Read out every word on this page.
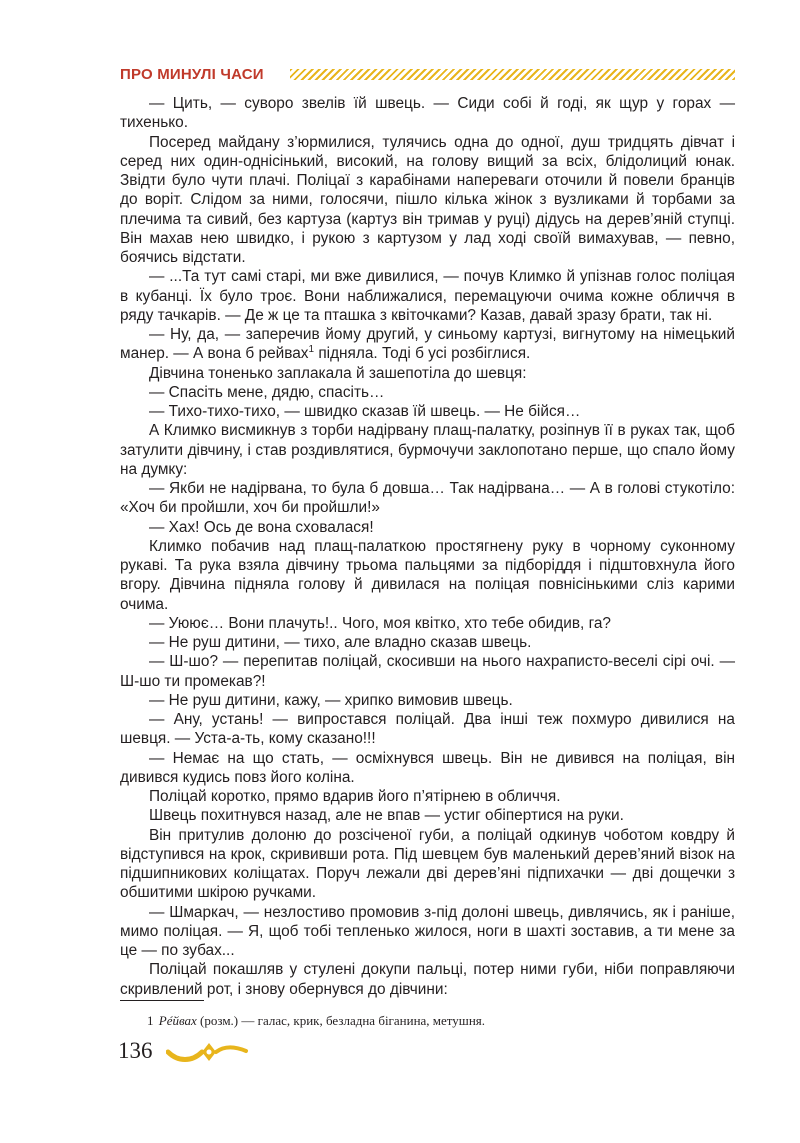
ПРО МИНУЛІ ЧАСИ

— Цить, — суворо звелів їй швець. — Сиди собі й годі, як щур у горах — тихенько.

Посеред майдану з’юрмилися, тулячись одна до одної, душ тридцять дівчат і серед них один-однісінький, високий, на голову вищий за всіх, блідолиций юнак. Звідти було чути плачі. Поліцаї з карабінами напереваги оточили й повели бранців до воріт. Слідом за ними, голосячи, пішло кілька жінок з вузликами й торбами за плечима та сивий, без картуза (картуз він тримав у руці) дідусь на дерев’яній ступці. Він махав нею швидко, і рукою з картузом у лад ході своїй вимахував, — певно, боячись відстати.

— ...Та тут самі старі, ми вже дивилися, — почув Климко й упізнав голос поліцая в кубанці. Їх було троє. Вони наближалися, перемацуючи очима кожне обличчя в ряду тачкарів. — Де ж це та пташка з квіточками? Казав, давай зразу брати, так ні.

— Ну, да, — заперечив йому другий, у синьому картузі, вигнутому на німецький манер. — А вона б рейвах$^1$ підняла. Тоді б усі розбіглися.

Дівчина тоненько заплакала й зашепотіла до шевця:

— Спасіть мене, дядю, спасіть…

— Тихо-тихо-тихо, — швидко сказав їй швець. — Не бійся…

А Климко висмикнув з торби надірвану плащ-палатку, розіпнув її в руках так, щоб затулити дівчину, і став роздивлятися, бурмочучи заклопотано перше, що спало йому на думку:

— Якби не надірвана, то була б довша… Так надірвана… — А в голові стукотіло: «Хоч би пройшли, хоч би пройшли!»

— Хах! Ось де вона сховалася!

Климко побачив над плащ-палаткою простягнену руку в чорному суконному рукаві. Та рука взяла дівчину трьома пальцями за підборіддя і підштовхнула його вгору. Дівчина підняла голову й дивилася на поліцая повнісінькими сліз карими очима.

— Уюює… Вони плачуть!.. Чого, моя квітко, хто тебе обидив, га?

— Не руш дитини, — тихо, але владно сказав швець.

— Ш-шо? — перепитав поліцай, скосивши на нього нахраписто-веселі сірі очі. — Ш-шо ти промекав?!

— Не руш дитини, кажу, — хрипко вимовив швець.

— Ану, устань! — випростався поліцай. Два інші теж похмуро дивилися на шевця. — Уста-а-ть, кому сказано!!!

— Немає на що стать, — осміхнувся швець. Він не дивився на поліцая, він дивився кудись повз його коліна.

Поліцай коротко, прямо вдарив його п’ятірнею в обличчя.

Швець похитнувся назад, але не впав — устиг обіпертися на руки.

Він притулив долоню до розсіченої губи, а поліцай одкинув чоботом ковдру й відступився на крок, скрививши рота. Під шевцем був маленький дерев’яний візок на підшипникових коліщатах. Поруч лежали дві дерев’яні підпихачки — дві дощечки з обшитими шкірою ручками.

— Шмаркач, — незлостиво промовив з-під долоні швець, дивлячись, як і раніше, мимо поліцая. — Я, щоб тобі тепленько жилося, ноги в шахті зоставив, а ти мене за це — по зубах...

Поліцай покашляв у стулені докупи пальці, потер ними губи, ніби поправляючи скривлений рот, і знову обернувся до дівчини:

1 Рéйвах (розм.) — галас, крик, безладна біганина, метушня.
136
